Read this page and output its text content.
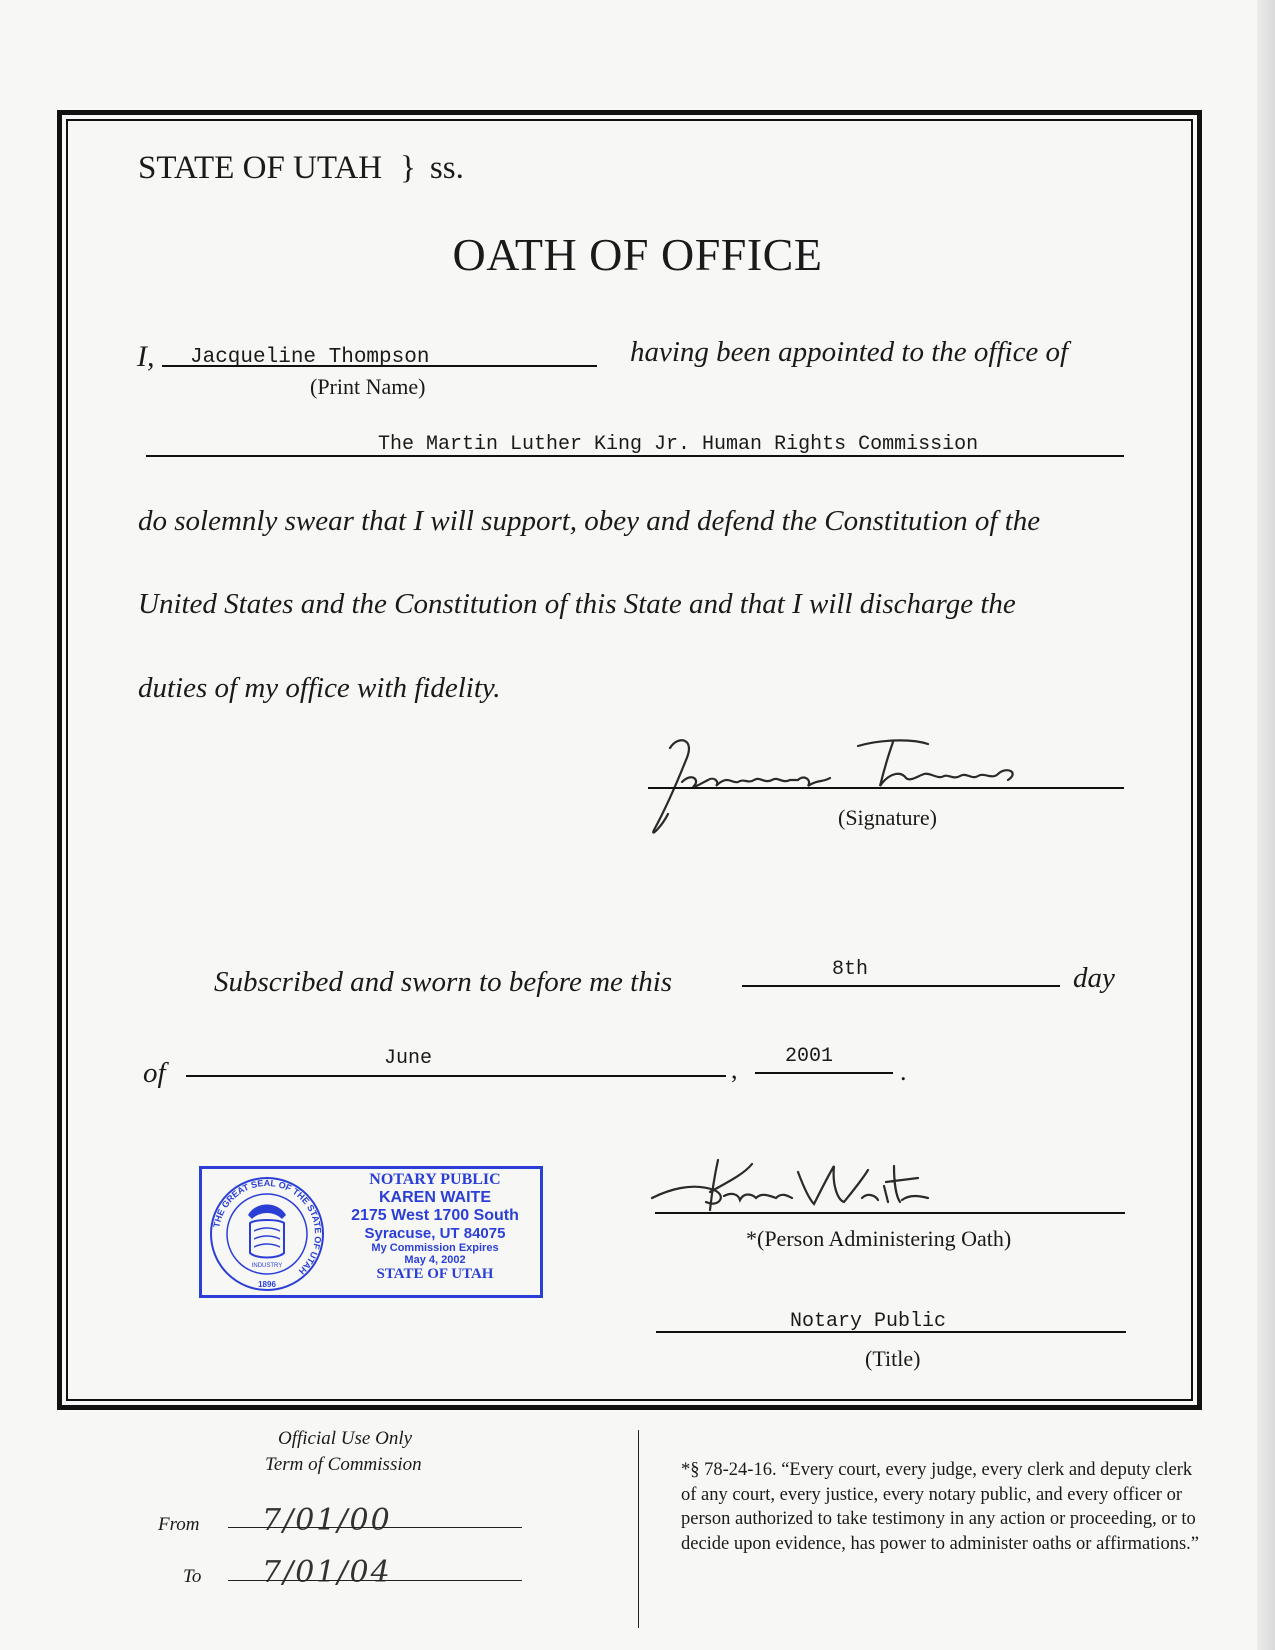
STATE OF UTAH } ss.
OATH OF OFFICE
I, Jacqueline Thompson
(Print Name)
having been appointed to the office of
The Martin Luther King Jr. Human Rights Commission
do solemnly swear that I will support, obey and defend the Constitution of the
United States and the Constitution of this State and that I will discharge the
duties of my office with fidelity.
(Signature)
Subscribed and sworn to before me this	8th	day
of	June	, 2001
.
THE GREAT SEAL OF THE STATE OF UTAH
INDUSTRY
1896
NOTARY PUBLIC
KAREN WAITE
2175 West 1700 South
Syracuse, UT 84075
My Commission Expires
May 4, 2002
STATE OF UTAH
*(Person Administering Oath)
Notary Public
(Title)
Official Use Only
Term of Commission
From 7/01/00
To 7/01/04
*§ 78-24-16. “Every court, every judge, every clerk and deputy clerk of any court, every justice, every notary public, and every officer or person authorized to take testimony in any action or proceeding, or to decide upon evidence, has power to administer oaths or affirmations.”
